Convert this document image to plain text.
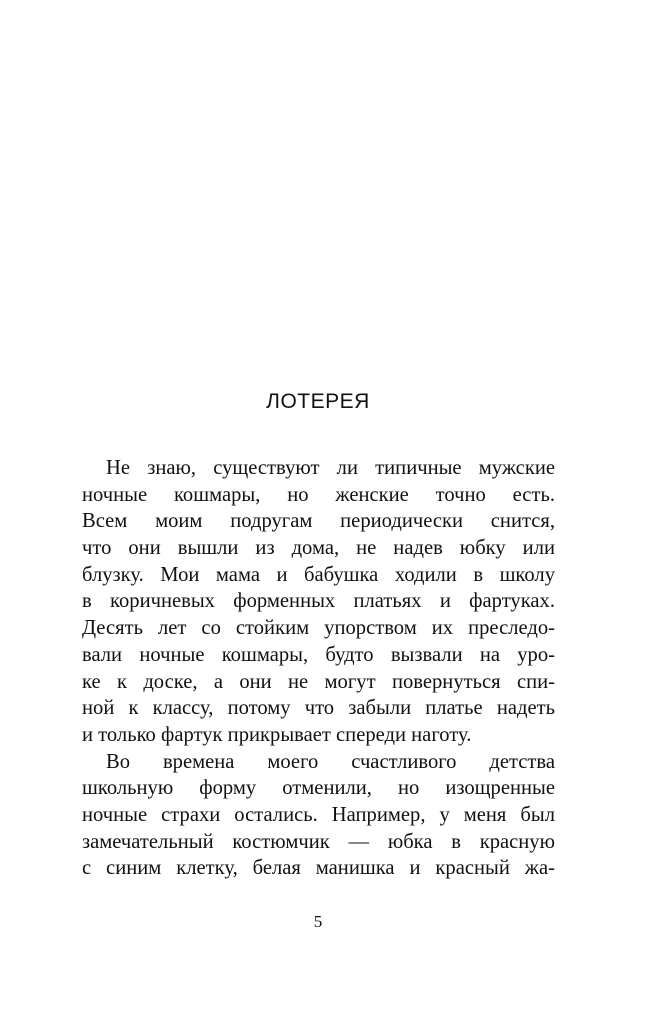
ЛОТЕРЕЯ
Не знаю, существуют ли типичные мужские
ночные кошмары, но женские точно есть.
Всем моим подругам периодически снится,
что они вышли из дома, не надев юбку или
блузку. Мои мама и бабушка ходили в школу
в коричневых форменных платьях и фартуках.
Десять лет со стойким упорством их преследо-
вали ночные кошмары, будто вызвали на уро-
ке к доске, а они не могут повернуться спи-
ной к классу, потому что забыли платье надеть
и только фартук прикрывает спереди наготу.
Во времена моего счастливого детства
школьную форму отменили, но изощренные
ночные страхи остались. Например, у меня был
замечательный костюмчик — юбка в красную
с синим клетку, белая манишка и красный жа-
5
